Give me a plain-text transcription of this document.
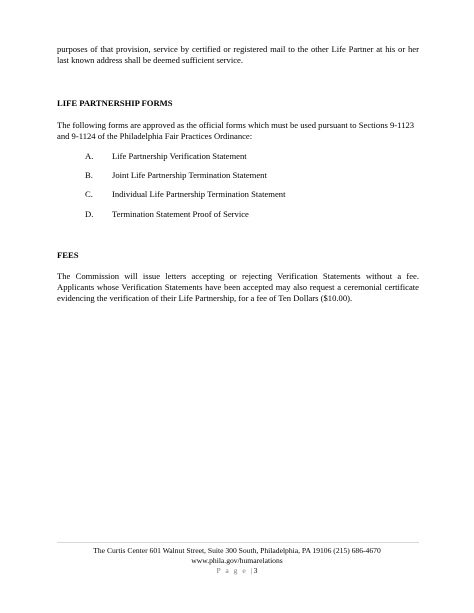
purposes of that provision, service by certified or registered mail to the other Life Partner at his or her last known address shall be deemed sufficient service.

LIFE PARTNERSHIP FORMS

The following forms are approved as the official forms which must be used pursuant to Sections 9-1123 and 9-1124 of the Philadelphia Fair Practices Ordinance:

A.	Life Partnership Verification Statement
B.	Joint Life Partnership Termination Statement
C.	Individual Life Partnership Termination Statement
D.	Termination Statement Proof of Service
FEES

The Commission will issue letters accepting or rejecting Verification Statements without a fee. Applicants whose Verification Statements have been accepted may also request a ceremonial certificate evidencing the verification of their Life Partnership, for a fee of Ten Dollars ($10.00).

The Curtis Center 601 Walnut Street, Suite 300 South, Philadelphia, PA 19106 (215) 686-4670
www.phila.gov/humarelations
P a g e |3
